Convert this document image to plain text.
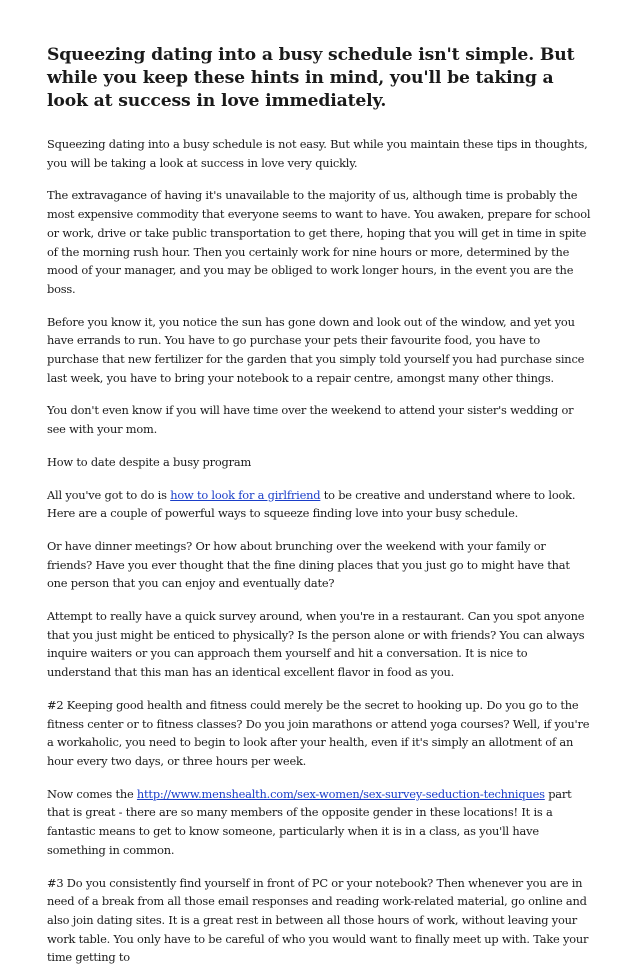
Squeezing dating into a busy schedule isn't simple. But while you keep these hints in mind, you'll be taking a look at success in love immediately.

Squeezing dating into a busy schedule is not easy. But while you maintain these tips in thoughts, you will be taking a look at success in love very quickly.

The extravagance of having it's unavailable to the majority of us, although time is probably the most expensive commodity that everyone seems to want to have. You awaken, prepare for school or work, drive or take public transportation to get there, hoping that you will get in time in spite of the morning rush hour. Then you certainly work for nine hours or more, determined by the mood of your manager, and you may be obliged to work longer hours, in the event you are the boss.

Before you know it, you notice the sun has gone down and look out of the window, and yet you have errands to run. You have to go purchase your pets their favourite food, you have to purchase that new fertilizer for the garden that you simply told yourself you had purchase since last week, you have to bring your notebook to a repair centre, amongst many other things.

You don't even know if you will have time over the weekend to attend your sister's wedding or see with your mom.

How to date despite a busy program

All you've got to do is how to look for a girlfriend to be creative and understand where to look. Here are a couple of powerful ways to squeeze finding love into your busy schedule.

Or have dinner meetings? Or how about brunching over the weekend with your family or friends? Have you ever thought that the fine dining places that you just go to might have that one person that you can enjoy and eventually date?

Attempt to really have a quick survey around, when you're in a restaurant. Can you spot anyone that you just might be enticed to physically? Is the person alone or with friends? You can always inquire waiters or you can approach them yourself and hit a conversation. It is nice to understand that this man has an identical excellent flavor in food as you.

#2 Keeping good health and fitness could merely be the secret to hooking up. Do you go to the fitness center or to fitness classes? Do you join marathons or attend yoga courses? Well, if you're a workaholic, you need to begin to look after your health, even if it's simply an allotment of an hour every two days, or three hours per week.

Now comes the http://www.menshealth.com/sex-women/sex-survey-seduction-techniques part that is great - there are so many members of the opposite gender in these locations! It is a fantastic means to get to know someone, particularly when it is in a class, as you'll have something in common.

#3 Do you consistently find yourself in front of PC or your notebook? Then whenever you are in need of a break from all those email responses and reading work-related material, go online and also join dating sites. It is a great rest in between all those hours of work, without leaving your work table. You only have to be careful of who you would want to finally meet up with. Take your time getting to
